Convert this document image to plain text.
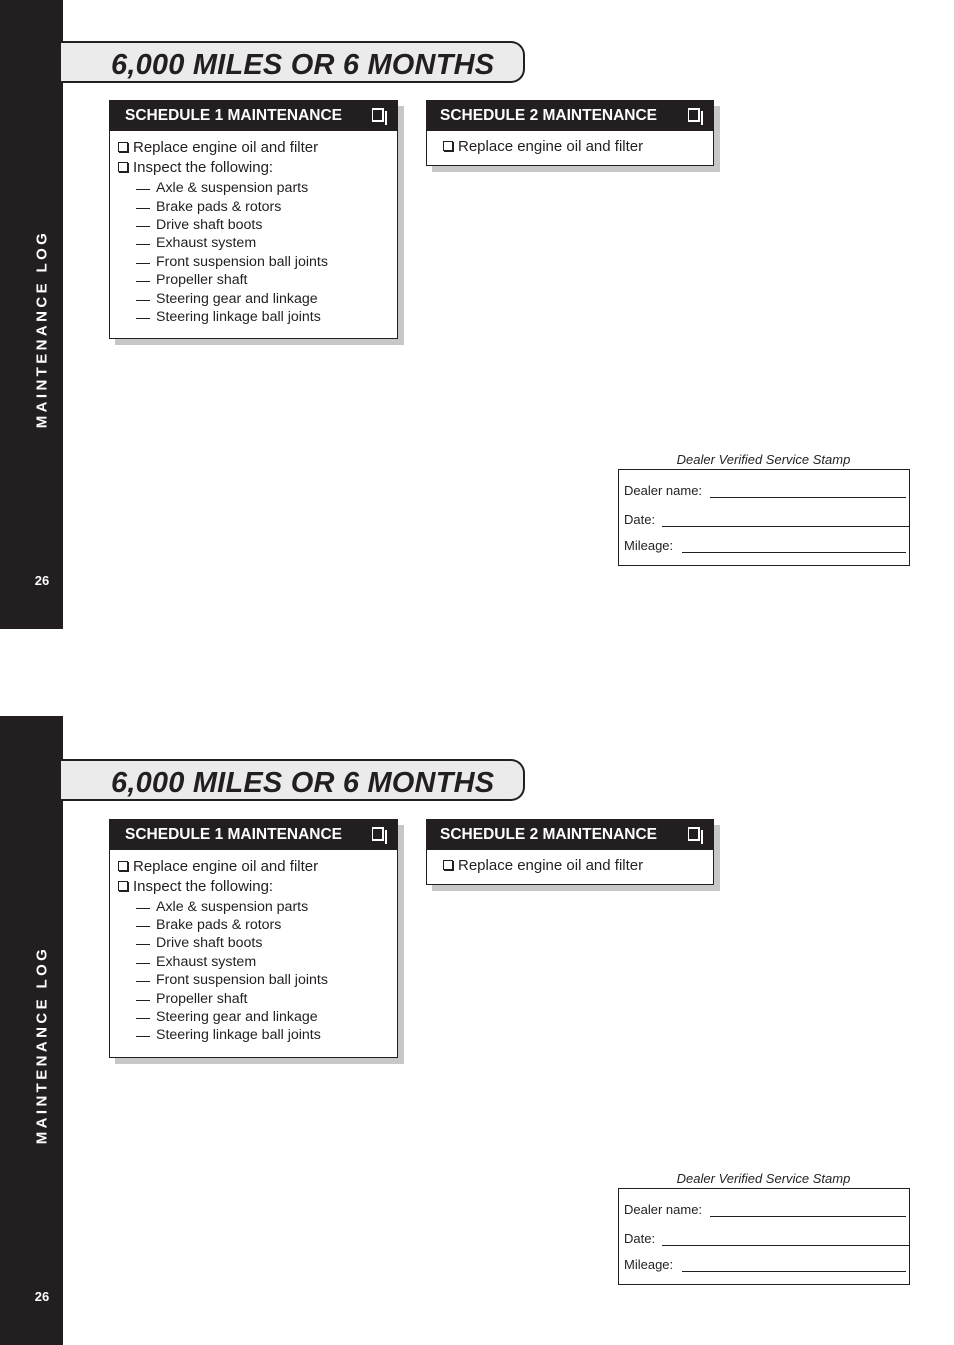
MAINTENANCE LOG
26
6,000 MILES OR 6 MONTHS
SCHEDULE 1 MAINTENANCE
Replace engine oil and filter
Inspect the following:
Axle & suspension parts
Brake pads & rotors
Drive shaft boots
Exhaust system
Front suspension ball joints
Propeller shaft
Steering gear and linkage
Steering linkage ball joints
SCHEDULE 2 MAINTENANCE
Replace engine oil and filter
Dealer Verified Service Stamp
Dealer name:
Date:
Mileage:
MAINTENANCE LOG
26
6,000 MILES OR 6 MONTHS
SCHEDULE 1 MAINTENANCE
Replace engine oil and filter
Inspect the following:
Axle & suspension parts
Brake pads & rotors
Drive shaft boots
Exhaust system
Front suspension ball joints
Propeller shaft
Steering gear and linkage
Steering linkage ball joints
SCHEDULE 2 MAINTENANCE
Replace engine oil and filter
Dealer Verified Service Stamp
Dealer name:
Date:
Mileage:
